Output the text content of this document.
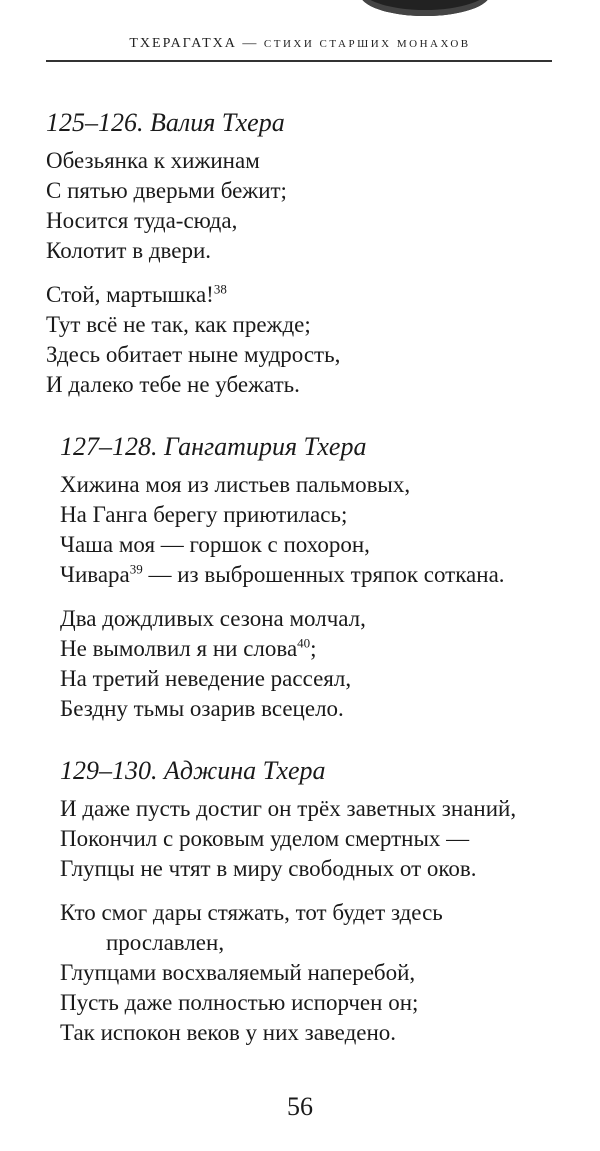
ТХЕРАГАТХА — СТИХИ СТАРШИХ МОНАХОВ
125–126. Валия Тхера
Обезьянка к хижинам
С пятью дверьми бежит;
Носится туда-сюда,
Колотит в двери.
Стой, мартышка!$^{38}$
Тут всё не так, как прежде;
Здесь обитает ныне мудрость,
И далеко тебе не убежать.
127–128. Гангатирия Тхера
Хижина моя из листьев пальмовых,
На Ганга берегу приютилась;
Чаша моя — горшок с похорон,
Чивара$^{39}$ — из выброшенных тряпок соткана.
Два дождливых сезона молчал,
Не вымолвил я ни слова$^{40}$;
На третий неведение рассеял,
Бездну тьмы озарив всецело.
129–130. Аджина Тхера
И даже пусть достиг он трёх заветных знаний,
Покончил с роковым уделом смертных —
Глупцы не чтят в миру свободных от оков.
Кто смог дары стяжать, тот будет здесь
прославлен,
Глупцами восхваляемый наперебой,
Пусть даже полностью испорчен он;
Так испокон веков у них заведено.
56
